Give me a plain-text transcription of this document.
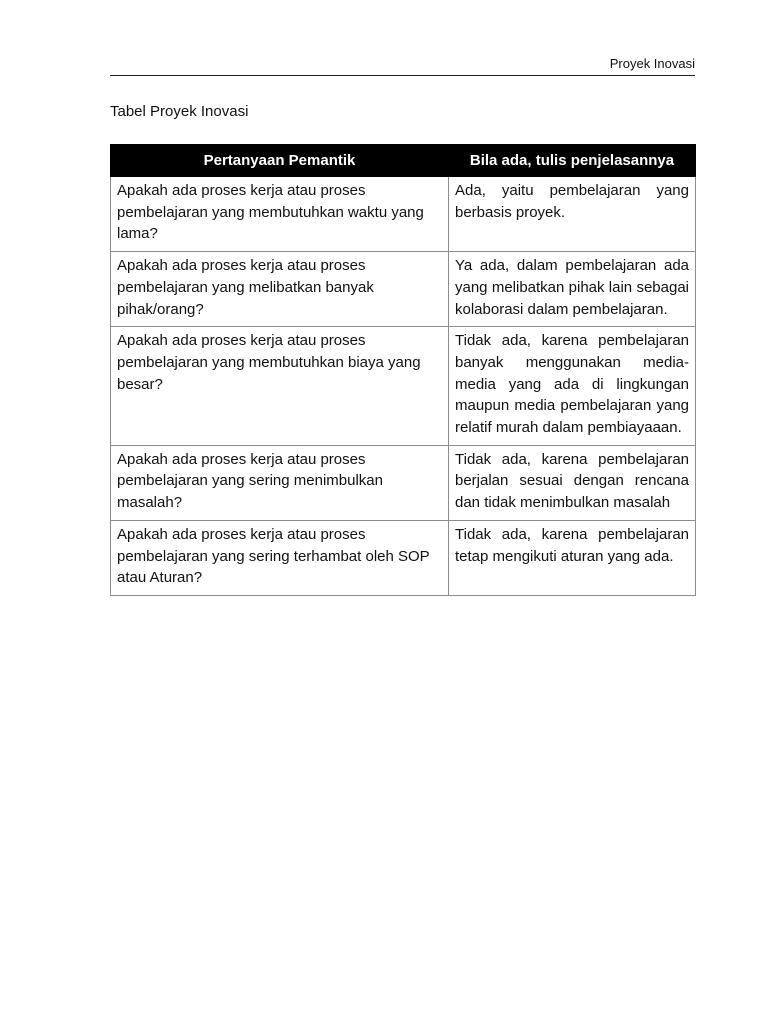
Proyek Inovasi
Tabel Proyek Inovasi
Pertanyaan Pemantik	Bila ada, tulis penjelasannya
Apakah ada proses kerja atau proses pembelajaran yang membutuhkan waktu yang lama?	Ada, yaitu pembelajaran yang berbasis proyek.
Apakah ada proses kerja atau proses pembelajaran yang melibatkan banyak pihak/orang?	Ya ada, dalam pembelajaran ada yang melibatkan pihak lain sebagai kolaborasi dalam pembelajaran.
Apakah ada proses kerja atau proses pembelajaran yang membutuhkan biaya yang besar?	Tidak ada, karena pembelajaran banyak menggunakan media-media yang ada di lingkungan maupun media pembelajaran yang relatif murah dalam pembiayaaan.
Apakah ada proses kerja atau proses pembelajaran yang sering menimbulkan masalah?	Tidak ada, karena pembelajaran berjalan sesuai dengan rencana dan tidak menimbulkan masalah
Apakah ada proses kerja atau proses pembelajaran yang sering terhambat oleh SOP atau Aturan?	Tidak ada, karena pembelajaran tetap mengikuti aturan yang ada.
